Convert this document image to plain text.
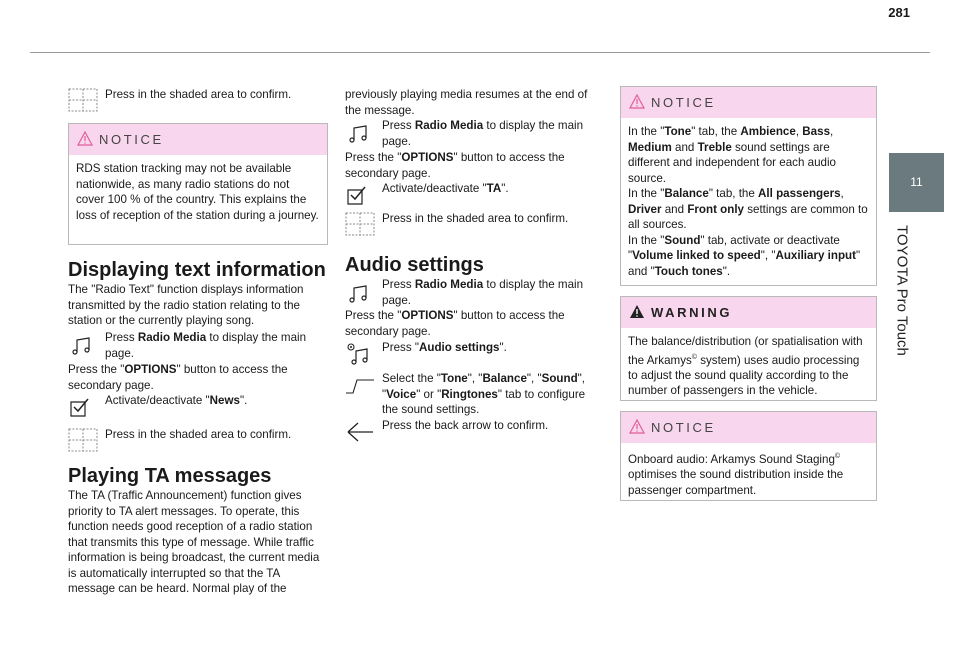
281
11
TOYOTA Pro Touch

Press in the shaded area to confirm.

NOTICE

RDS station tracking may not be available nationwide, as many radio stations do not cover 100 % of the country. This explains the loss of reception of the station during a journey.

Displaying text information

The "Radio Text" function displays information transmitted by the radio station relating to the station or the currently playing song.

Press Radio Media to display the main page.

Press the "OPTIONS" button to access the secondary page.

Activate/deactivate "News".

Press in the shaded area to confirm.

Playing TA messages

The TA (Traffic Announcement) function gives priority to TA alert messages. To operate, this function needs good reception of a radio station that transmits this type of message. While traffic information is being broadcast, the current media is automatically interrupted so that the TA message can be heard. Normal play of the

previously playing media resumes at the end of the message.

Press Radio Media to display the main page.

Press the "OPTIONS" button to access the secondary page.

Activate/deactivate "TA".

Press in the shaded area to confirm.

Audio settings

Press Radio Media to display the main page.

Press the "OPTIONS" button to access the secondary page.

Press "Audio settings".

Select the "Tone", "Balance", "Sound", "Voice" or "Ringtones" tab to configure the sound settings.

Press the back arrow to confirm.

NOTICE

In the "Tone" tab, the Ambience, Bass, Medium and Treble sound settings are different and independent for each audio source.

In the "Balance" tab, the All passengers, Driver and Front only settings are common to all sources.

In the "Sound" tab, activate or deactivate "Volume linked to speed", "Auxiliary input" and "Touch tones".

WARNING

The balance/distribution (or spatialisation with the Arkamys© system) uses audio processing to adjust the sound quality according to the number of passengers in the vehicle.

NOTICE

Onboard audio: Arkamys Sound Staging© optimises the sound distribution inside the passenger compartment.
